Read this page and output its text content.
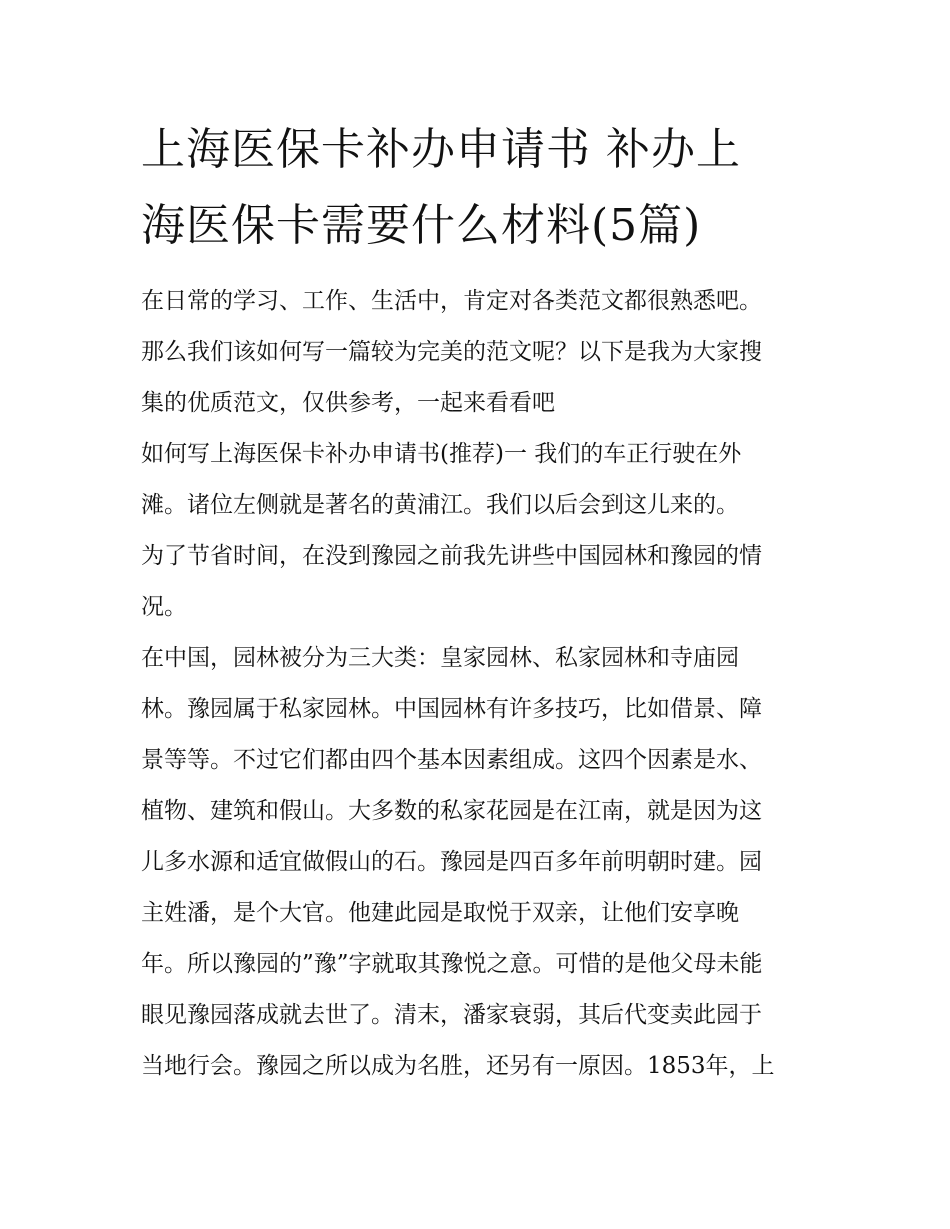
上海医保卡补办申请书 补办上
海医保卡需要什么材料(5篇)
在日常的学习、工作、生活中，肯定对各类范文都很熟悉吧。
那么我们该如何写一篇较为完美的范文呢？以下是我为大家搜
集的优质范文，仅供参考，一起来看看吧
如何写上海医保卡补办申请书(推荐)一 我们的车正行驶在外
滩。诸位左侧就是著名的黄浦江。我们以后会到这儿来的。
为了节省时间，在没到豫园之前我先讲些中国园林和豫园的情
况。
在中国，园林被分为三大类：皇家园林、私家园林和寺庙园
林。豫园属于私家园林。中国园林有许多技巧，比如借景、障
景等等。不过它们都由四个基本因素组成。这四个因素是水、
植物、建筑和假山。大多数的私家花园是在江南，就是因为这
儿多水源和适宜做假山的石。豫园是四百多年前明朝时建。园
主姓潘，是个大官。他建此园是取悦于双亲，让他们安享晚
年。所以豫园的”豫”字就取其豫悦之意。可惜的是他父母未能
眼见豫园落成就去世了。清末，潘家衰弱，其后代变卖此园于
当地行会。豫园之所以成为名胜，还另有一原因。1853年，上
